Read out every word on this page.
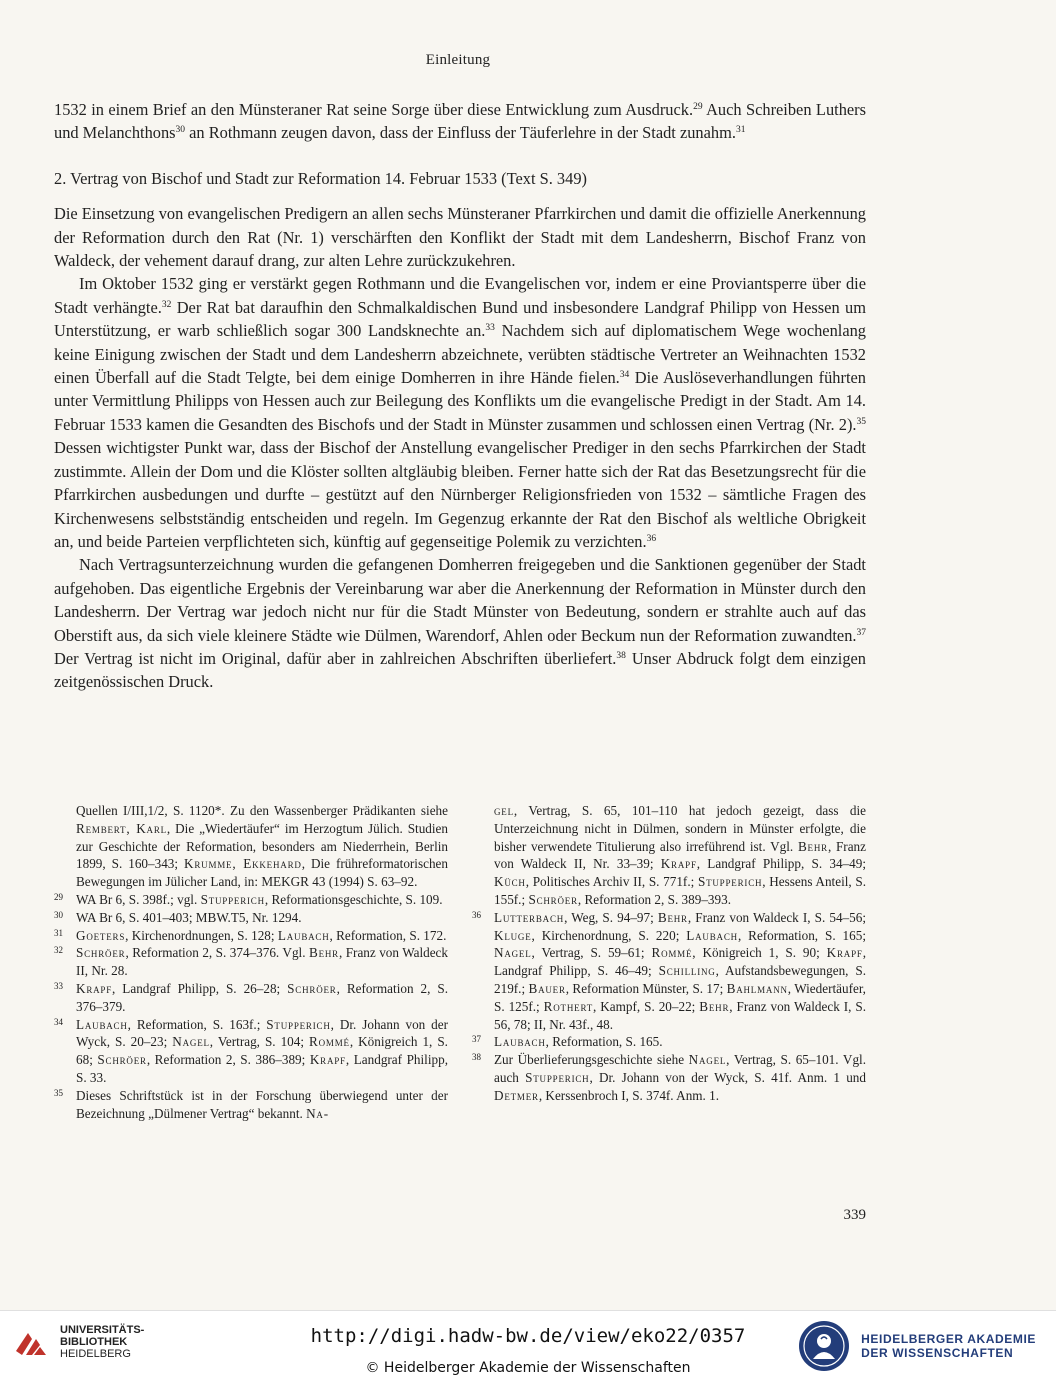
Einleitung

1532 in einem Brief an den Münsteraner Rat seine Sorge über diese Entwicklung zum Ausdruck.$^{29}$ Auch Schreiben Luthers und Melanchthons$^{30}$ an Rothmann zeugen davon, dass der Einfluss der Täuferlehre in der Stadt zunahm.$^{31}$

2. Vertrag von Bischof und Stadt zur Reformation 14. Februar 1533 (Text S. 349)

Die Einsetzung von evangelischen Predigern an allen sechs Münsteraner Pfarrkirchen und damit die offizielle Anerkennung der Reformation durch den Rat (Nr. 1) verschärften den Konflikt der Stadt mit dem Landesherrn, Bischof Franz von Waldeck, der vehement darauf drang, zur alten Lehre zurückzukehren.

Im Oktober 1532 ging er verstärkt gegen Rothmann und die Evangelischen vor, indem er eine Proviantsperre über die Stadt verhängte.$^{32}$ Der Rat bat daraufhin den Schmalkaldischen Bund und insbesondere Landgraf Philipp von Hessen um Unterstützung, er warb schließlich sogar 300 Landsknechte an.$^{33}$ Nachdem sich auf diplomatischem Wege wochenlang keine Einigung zwischen der Stadt und dem Landesherrn abzeichnete, verübten städtische Vertreter an Weihnachten 1532 einen Überfall auf die Stadt Telgte, bei dem einige Domherren in ihre Hände fielen.$^{34}$ Die Auslöseverhandlungen führten unter Vermittlung Philipps von Hessen auch zur Beilegung des Konflikts um die evangelische Predigt in der Stadt. Am 14. Februar 1533 kamen die Gesandten des Bischofs und der Stadt in Münster zusammen und schlossen einen Vertrag (Nr. 2).$^{35}$ Dessen wichtigster Punkt war, dass der Bischof der Anstellung evangelischer Prediger in den sechs Pfarrkirchen der Stadt zustimmte. Allein der Dom und die Klöster sollten altgläubig bleiben. Ferner hatte sich der Rat das Besetzungsrecht für die Pfarrkirchen ausbedungen und durfte – gestützt auf den Nürnberger Religionsfrieden von 1532 – sämtliche Fragen des Kirchenwesens selbstständig entscheiden und regeln. Im Gegenzug erkannte der Rat den Bischof als weltliche Obrigkeit an, und beide Parteien verpflichteten sich, künftig auf gegenseitige Polemik zu verzichten.$^{36}$

Nach Vertragsunterzeichnung wurden die gefangenen Domherren freigegeben und die Sanktionen gegenüber der Stadt aufgehoben. Das eigentliche Ergebnis der Vereinbarung war aber die Anerkennung der Reformation in Münster durch den Landesherrn. Der Vertrag war jedoch nicht nur für die Stadt Münster von Bedeutung, sondern er strahlte auch auf das Oberstift aus, da sich viele kleinere Städte wie Dülmen, Warendorf, Ahlen oder Beckum nun der Reformation zuwandten.$^{37}$ Der Vertrag ist nicht im Original, dafür aber in zahlreichen Abschriften überliefert.$^{38}$ Unser Abdruck folgt dem einzigen zeitgenössischen Druck.

Quellen I/III,1/2, S. 1120*. Zu den Wassenberger Prädikanten siehe Rembert, Karl, Die „Wiedertäufer“ im Herzogtum Jülich. Studien zur Geschichte der Reformation, besonders am Niederrhein, Berlin 1899, S. 160–343; Krumme, Ekkehard, Die frühreformatorischen Bewegungen im Jülicher Land, in: MEKGR 43 (1994) S. 63–92.
29 WA Br 6, S. 398f.; vgl. Stupperich, Reformationsgeschichte, S. 109.
30 WA Br 6, S. 401–403; MBW.T5, Nr. 1294.
31 Goeters, Kirchenordnungen, S. 128; Laubach, Reformation, S. 172.
32 Schröer, Reformation 2, S. 374–376. Vgl. Behr, Franz von Waldeck II, Nr. 28.
33 Krapf, Landgraf Philipp, S. 26–28; Schröer, Reformation 2, S. 376–379.
34 Laubach, Reformation, S. 163f.; Stupperich, Dr. Johann von der Wyck, S. 20–23; Nagel, Vertrag, S. 104; Rommé, Königreich 1, S. 68; Schröer, Reformation 2, S. 386–389; Krapf, Landgraf Philipp, S. 33.
35 Dieses Schriftstück ist in der Forschung überwiegend unter der Bezeichnung „Dülmener Vertrag“ bekannt. Na-
gel, Vertrag, S. 65, 101–110 hat jedoch gezeigt, dass die Unterzeichnung nicht in Dülmen, sondern in Münster erfolgte, die bisher verwendete Titulierung also irreführend ist. Vgl. Behr, Franz von Waldeck II, Nr. 33–39; Krapf, Landgraf Philipp, S. 34–49; Küch, Politisches Archiv II, S. 771f.; Stupperich, Hessens Anteil, S. 155f.; Schröer, Reformation 2, S. 389–393.
36 Lutterbach, Weg, S. 94–97; Behr, Franz von Waldeck I, S. 54–56; Kluge, Kirchenordnung, S. 220; Laubach, Reformation, S. 165; Nagel, Vertrag, S. 59–61; Rommé, Königreich 1, S. 90; Krapf, Landgraf Philipp, S. 46–49; Schilling, Aufstandsbewegungen, S. 219f.; Bauer, Reformation Münster, S. 17; Bahlmann, Wiedertäufer, S. 125f.; Rothert, Kampf, S. 20–22; Behr, Franz von Waldeck I, S. 56, 78; II, Nr. 43f., 48.
37 Laubach, Reformation, S. 165.
38 Zur Überlieferungsgeschichte siehe Nagel, Vertrag, S. 65–101. Vgl. auch Stupperich, Dr. Johann von der Wyck, S. 41f. Anm. 1 und Detmer, Kerssenbroch I, S. 374f. Anm. 1.
339
UNIVERSITÄTS-
BIBLIOTHEK
HEIDELBERG
http://digi.hadw-bw.de/view/eko22/0357
© Heidelberger Akademie der Wissenschaften
HEIDELBERGER AKADEMIE
DER WISSENSCHAFTEN
